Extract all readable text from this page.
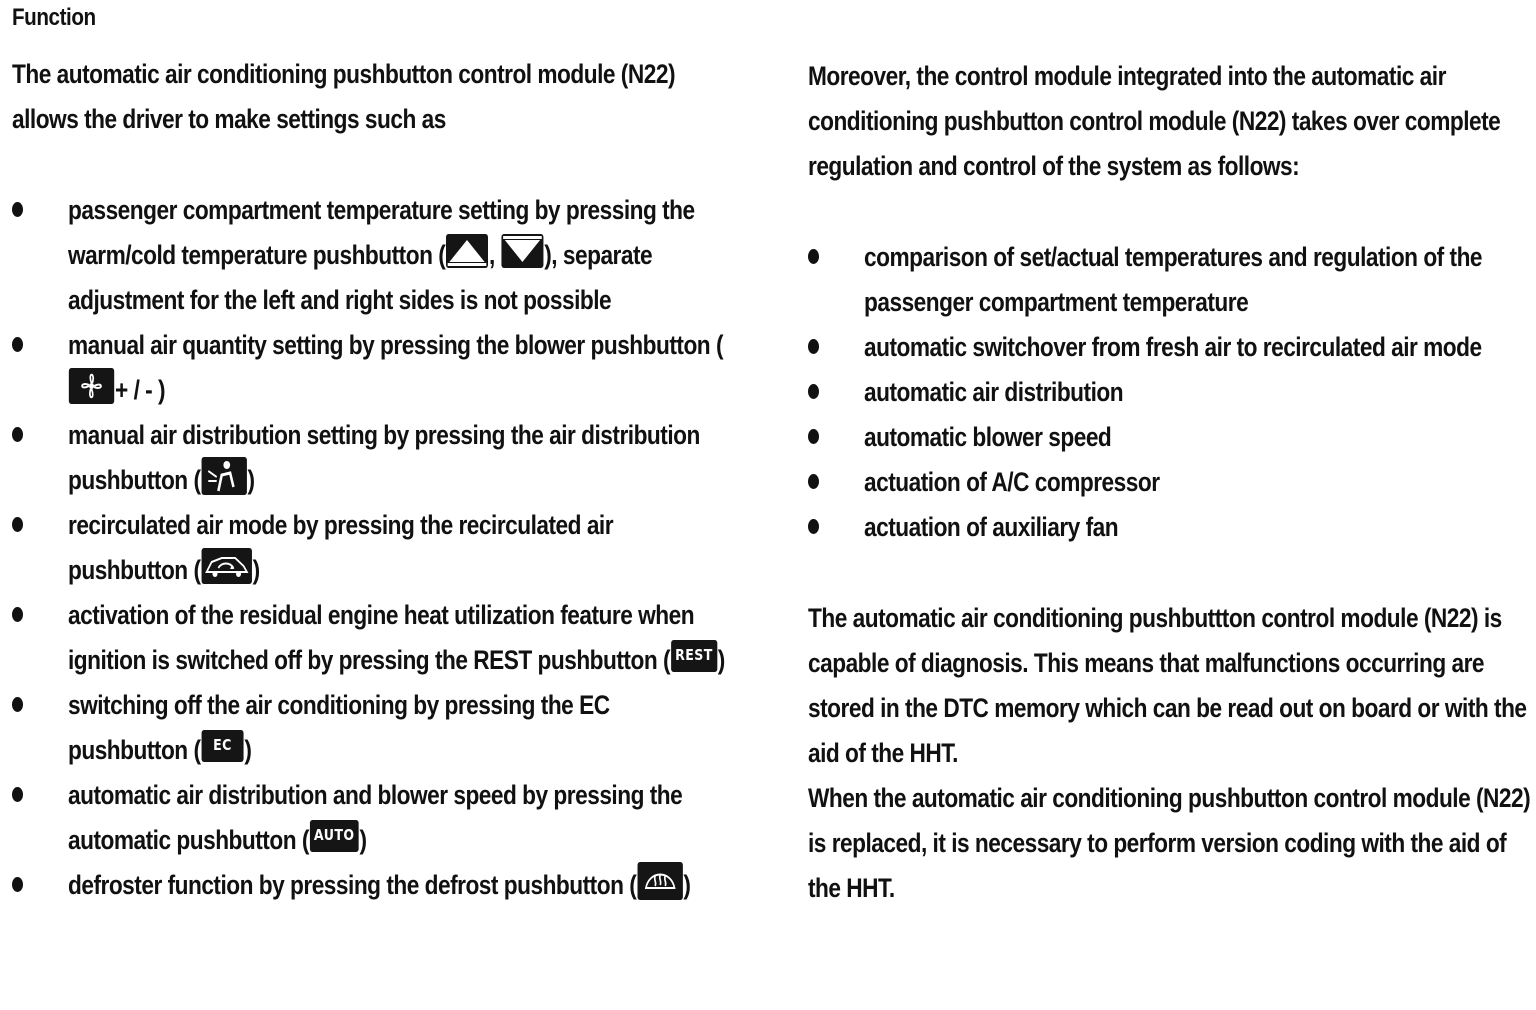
Function

The automatic air conditioning pushbutton control module (N22) allows the driver to make settings such as

passenger compartment temperature setting by pressing the warm/cold temperature pushbutton ( , ), separate adjustment for the left and right sides is not possible
manual air quantity setting by pressing the blower pushbutton (
+ / - )
manual air distribution setting by pressing the air distribution pushbutton ( )
recirculated air mode by pressing the recirculated air pushbutton ( )
activation of the residual engine heat utilization feature when ignition is switched off by pressing the REST pushbutton ( REST )
switching off the air conditioning by pressing the EC pushbutton ( EC )
automatic air distribution and blower speed by pressing the automatic pushbutton ( AUTO )
defroster function by pressing the defrost pushbutton ( )

Moreover, the control module integrated into the automatic air conditioning pushbutton control module (N22) takes over complete regulation and control of the system as follows:

comparison of set/actual temperatures and regulation of the passenger compartment temperature
automatic switchover from fresh air to recirculated air mode
automatic air distribution
automatic blower speed
actuation of A/C compressor
actuation of auxiliary fan

The automatic air conditioning pushbuttton control module (N22) is capable of diagnosis. This means that malfunctions occurring are stored in the DTC memory which can be read out on board or with the aid of the HHT.

When the automatic air conditioning pushbutton control module (N22) is replaced, it is necessary to perform version coding with the aid of the HHT.
